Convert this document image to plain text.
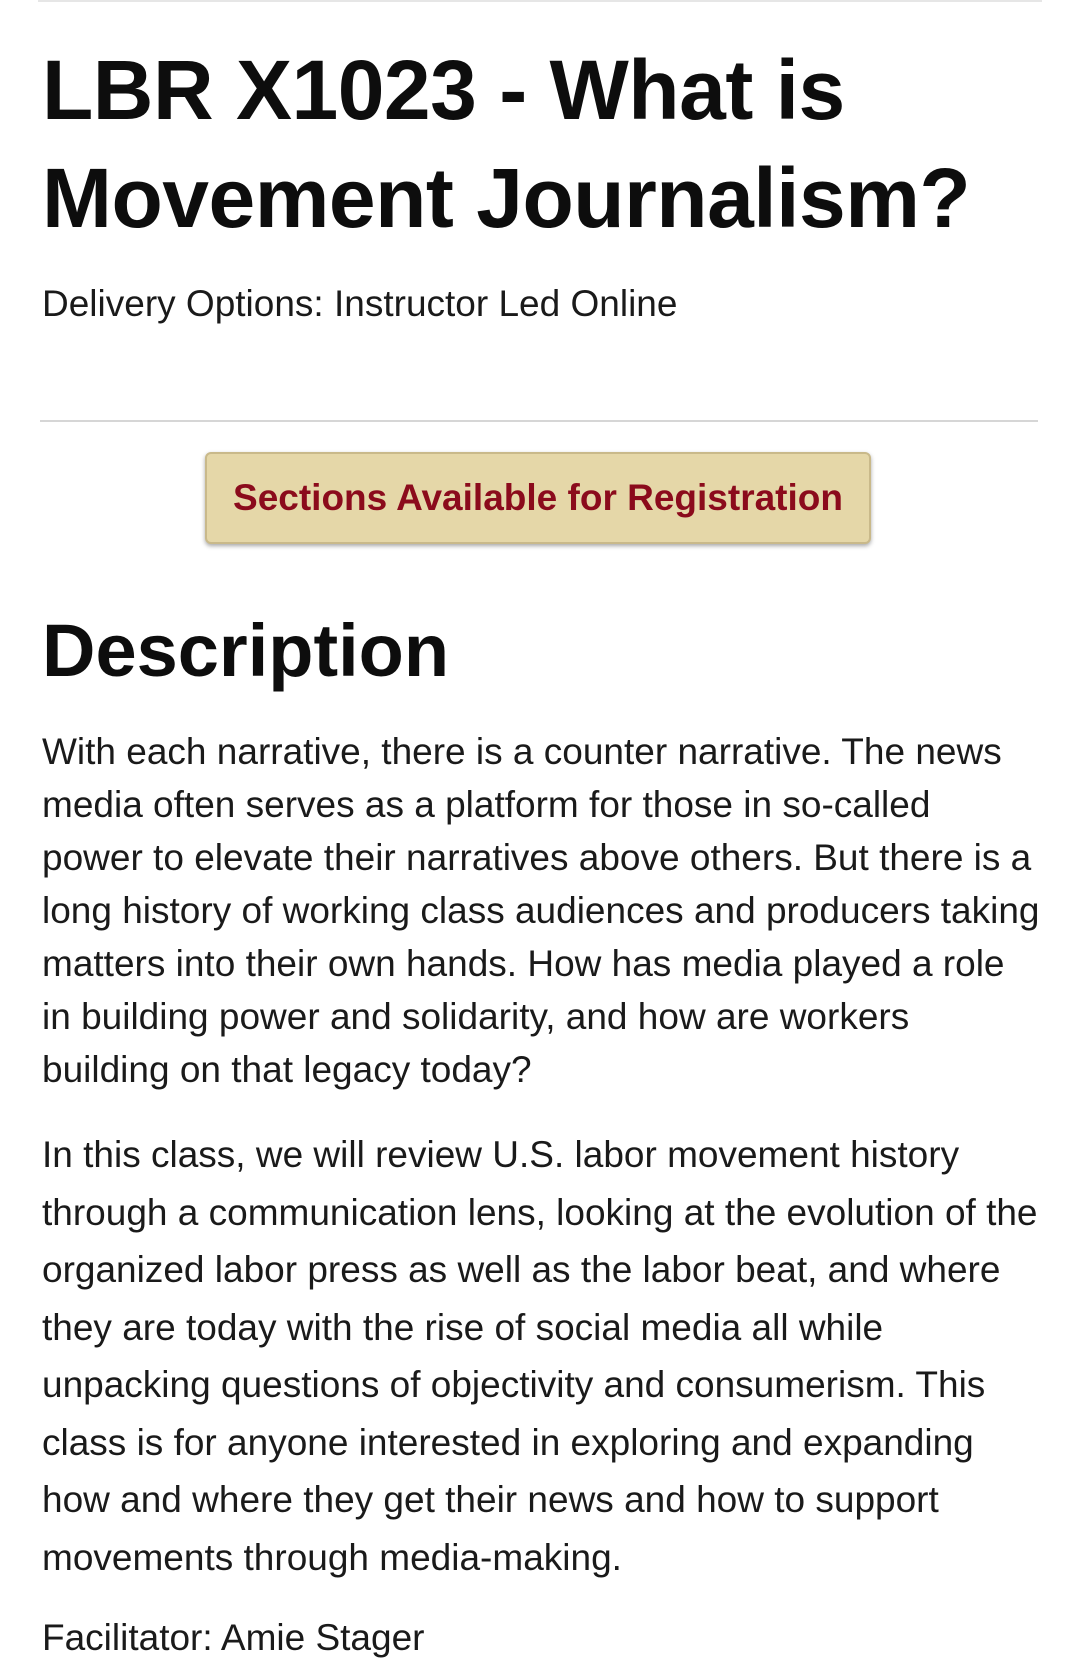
LBR X1023 - What is Movement Journalism?
Delivery Options: Instructor Led Online
Sections Available for Registration
Description

With each narrative, there is a counter narrative. The news media often serves as a platform for those in so-called power to elevate their narratives above others. But there is a long history of working class audiences and producers taking matters into their own hands. How has media played a role in building power and solidarity, and how are workers building on that legacy today?

In this class, we will review U.S. labor movement history through a communication lens, looking at the evolution of the organized labor press as well as the labor beat, and where they are today with the rise of social media all while unpacking questions of objectivity and consumerism. This class is for anyone interested in exploring and expanding how and where they get their news and how to support movements through media-making.

Facilitator: Amie Stager
